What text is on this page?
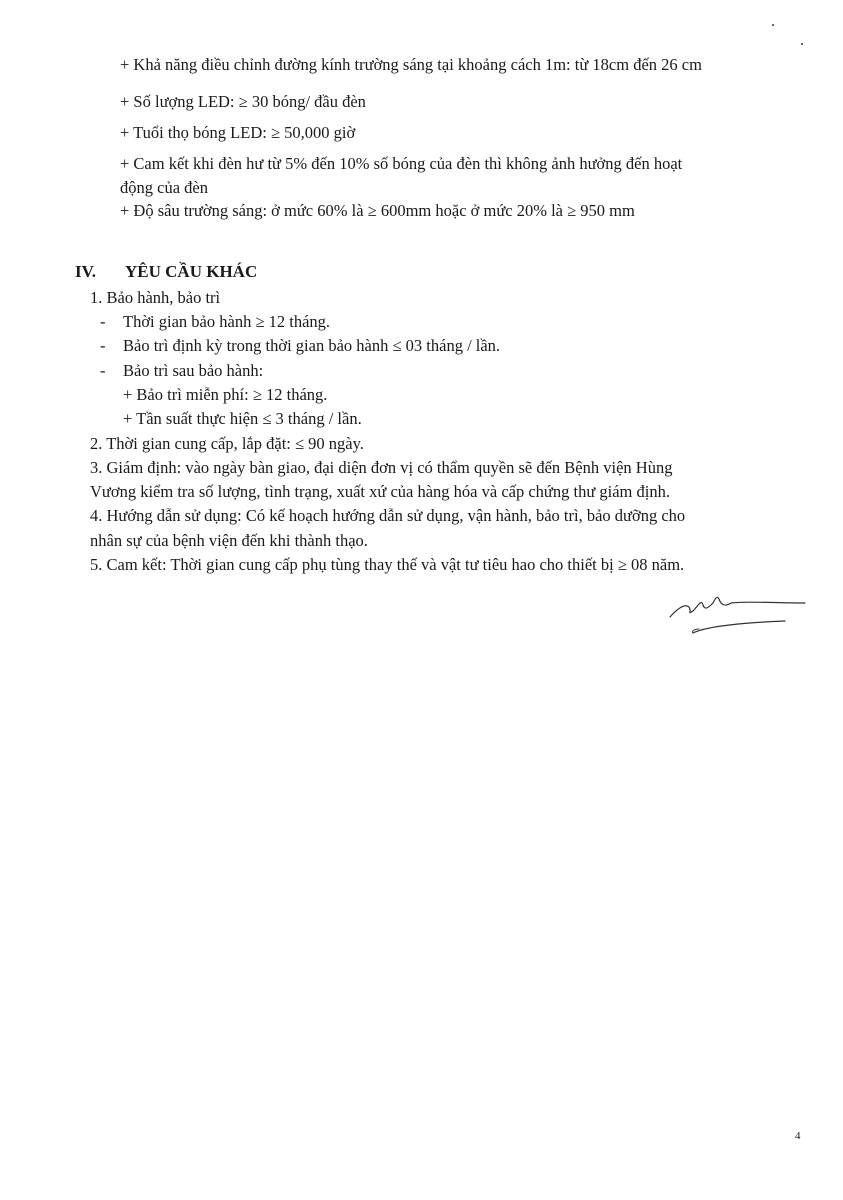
+ Khả năng điều chỉnh đường kính trường sáng tại khoảng cách 1m: từ 18cm đến 26 cm
+ Số lượng LED: ≥ 30 bóng/ đầu đèn
+ Tuổi thọ bóng LED: ≥ 50,000 giờ
+ Cam kết khi đèn hư từ 5% đến 10% số bóng của đèn thì không ảnh hưởng đến hoạt
động của đèn
+ Độ sâu trường sáng: ở mức 60% là ≥ 600mm hoặc ở mức 20% là ≥ 950 mm
IV. YÊU CẦU KHÁC
1. Bảo hành, bảo trì
- Thời gian bảo hành ≥ 12 tháng.
- Bảo trì định kỳ trong thời gian bảo hành ≤ 03 tháng / lần.
- Bảo trì sau bảo hành:
+ Bảo trì miễn phí: ≥ 12 tháng.
+ Tần suất thực hiện ≤ 3 tháng / lần.
2. Thời gian cung cấp, lắp đặt: ≤ 90 ngày.
3. Giám định: vào ngày bàn giao, đại diện đơn vị có thẩm quyền sẽ đến Bệnh viện Hùng
Vương kiểm tra số lượng, tình trạng, xuất xứ của hàng hóa và cấp chứng thư giám định.
4. Hướng dẫn sử dụng: Có kế hoạch hướng dẫn sử dụng, vận hành, bảo trì, bảo dưỡng cho
nhân sự của bệnh viện đến khi thành thạo.
5. Cam kết: Thời gian cung cấp phụ tùng thay thế và vật tư tiêu hao cho thiết bị ≥ 08 năm.
4
